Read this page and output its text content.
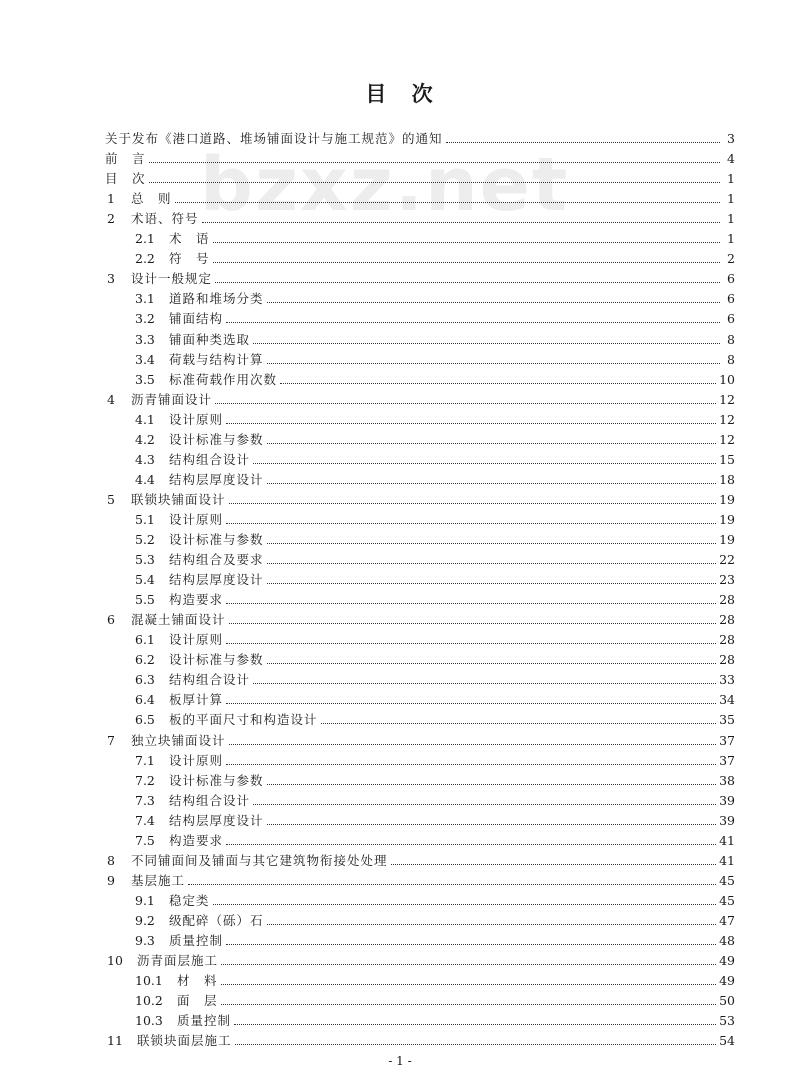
bzxz.net
目 次
关于发布《港口道路、堆场铺面设计与施工规范》的通知	3
前　言	4
目　次	1
1	总　则	1
2	术语、符号	1
2.1	术　语	1
2.2	符　号	2
3	设计一般规定	6
3.1	道路和堆场分类	6
3.2	铺面结构	6
3.3	铺面种类选取	8
3.4	荷载与结构计算	8
3.5	标准荷载作用次数	10
4	沥青铺面设计	12
4.1	设计原则	12
4.2	设计标准与参数	12
4.3	结构组合设计	15
4.4	结构层厚度设计	18
5	联锁块铺面设计	19
5.1	设计原则	19
5.2	设计标准与参数	19
5.3	结构组合及要求	22
5.4	结构层厚度设计	23
5.5	构造要求	28
6	混凝土铺面设计	28
6.1	设计原则	28
6.2	设计标准与参数	28
6.3	结构组合设计	33
6.4	板厚计算	34
6.5	板的平面尺寸和构造设计	35
7	独立块铺面设计	37
7.1	设计原则	37
7.2	设计标准与参数	38
7.3	结构组合设计	39
7.4	结构层厚度设计	39
7.5	构造要求	41
8	不同铺面间及铺面与其它建筑物衔接处处理	41
9	基层施工	45
9.1	稳定类	45
9.2	级配碎（砾）石	47
9.3	质量控制	48
10	沥青面层施工	49
10.1	材　料	49
10.2	面　层	50
10.3	质量控制	53
11	联锁块面层施工	54
- 1 -
